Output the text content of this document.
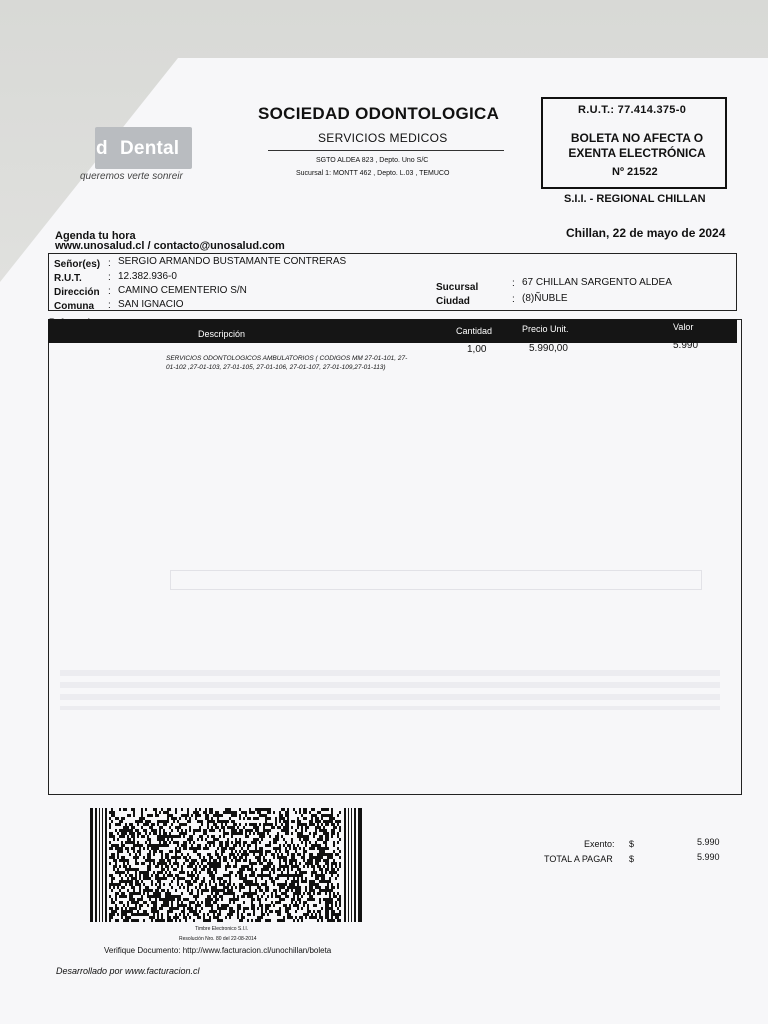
d Dental
queremos verte sonreir
SOCIEDAD ODONTOLOGICA
SERVICIOS MEDICOS
SGTO ALDEA 823 , Depto. Uno S/C
Sucursal 1: MONTT 462 , Depto. L.03 , TEMUCO
R.U.T.: 77.414.375-0
BOLETA NO AFECTA O
EXENTA ELECTRÓNICA
Nº 21522
S.I.I. - REGIONAL CHILLAN
Agenda tu hora
www.unosalud.cl / contacto@unosalud.com
Chillan, 22 de mayo de 2024
Señor(es) : SERGIO ARMANDO BUSTAMANTE CONTRERAS
R.U.T.	: 12.382.936-0
Dirección : CAMINO CEMENTERIO S/N
Comuna : SAN IGNACIO
Sucursal	: 67 CHILLAN SARGENTO ALDEA
Ciudad	: (8)ÑUBLE
Descripción	Cantidad	Precio Unit.	Valor
SERVICIOS ODONTOLOGICOS AMBULATORIOS ( CODIGOS MM 27-01-101, 27-01-102 ,27-01-103, 27-01-105, 27-01-106, 27-01-107, 27-01-109,27-01-113)
1,00	5.990,00	5.990
Timbre Electronico S.I.I.
Resolución Nro. 80 del 22-08-2014
Verifique Documento: http://www.facturacion.cl/unochillan/boleta
Desarrollado por www.facturacion.cl
Exento: $	5.990
TOTAL A PAGAR $	5.990
